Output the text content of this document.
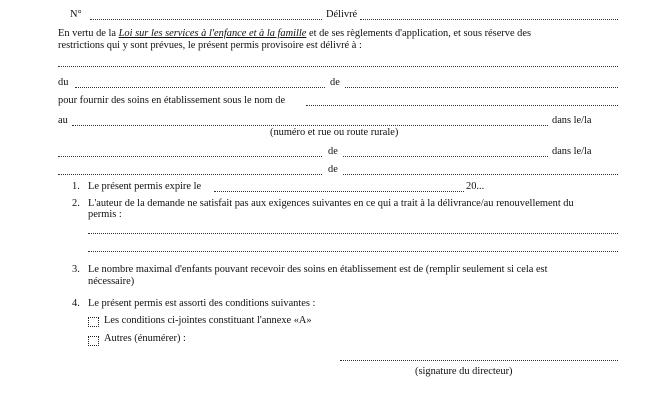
N°	Délivré
En vertu de la Loi sur les services à l'enfance et à la famille et de ses règlements d'application, et sous réserve des
restrictions qui y sont prévues, le présent permis provisoire est délivré à :
du	de
pour fournir des soins en établissement sous le nom de
au	dans le/la
(numéro et rue ou route rurale)
de	dans le/la
de
1. Le présent permis expire le	20...
2. L'auteur de la demande ne satisfait pas aux exigences suivantes en ce qui a trait à la délivrance/au renouvellement du
permis :
3. Le nombre maximal d'enfants pouvant recevoir des soins en établissement est de (remplir seulement si cela est
nécessaire)
4. Le présent permis est assorti des conditions suivantes :
Les conditions ci-jointes constituant l'annexe «A»
Autres (énumérer) :
(signature du directeur)
